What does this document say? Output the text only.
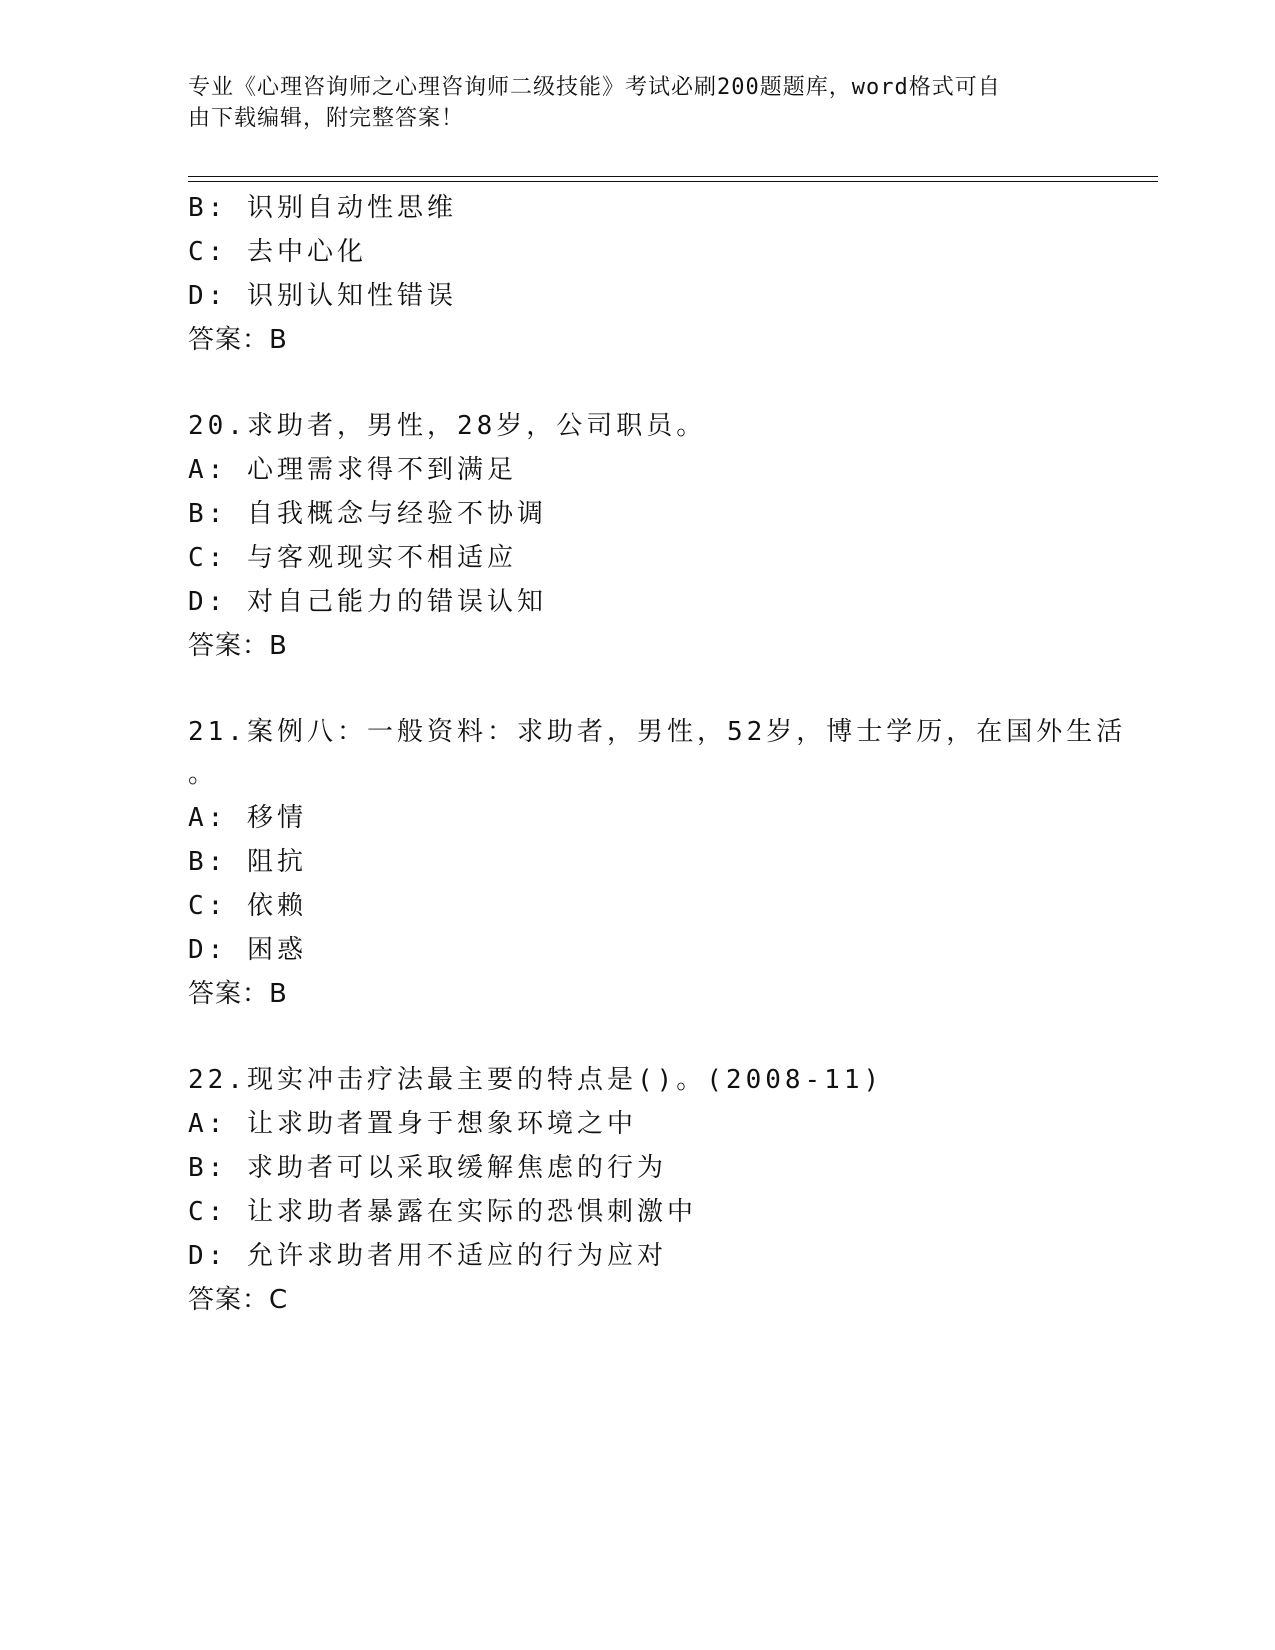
专业《心理咨询师之心理咨询师二级技能》考试必刷200题题库，word格式可自
由下载编辑，附完整答案！
B: 识别自动性思维
C: 去中心化
D: 识别认知性错误
答案：B
20.求助者，男性，28岁，公司职员。
A: 心理需求得不到满足
B: 自我概念与经验不协调
C: 与客观现实不相适应
D: 对自己能力的错误认知
答案：B
21.案例八：一般资料：求助者，男性，52岁，博士学历，在国外生活
。
A: 移情
B: 阻抗
C: 依赖
D: 困惑
答案：B
22.现实冲击疗法最主要的特点是()。(2008-11)
A: 让求助者置身于想象环境之中
B: 求助者可以采取缓解焦虑的行为
C: 让求助者暴露在实际的恐惧刺激中
D: 允许求助者用不适应的行为应对
答案：C
